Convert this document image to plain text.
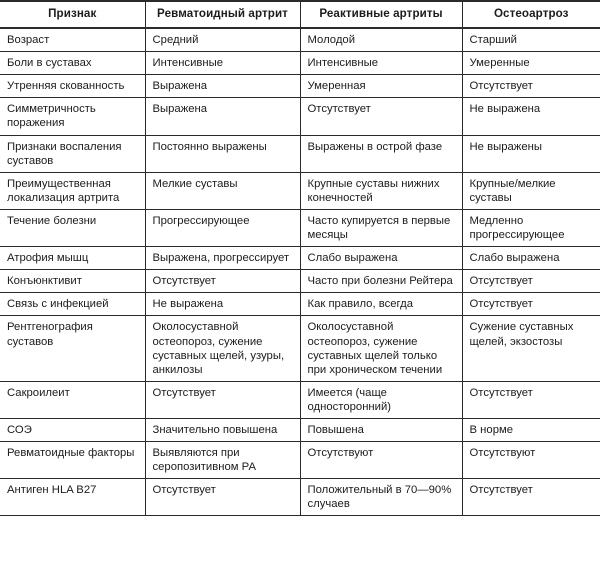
Признак	Ревматоидный артрит	Реактивные артриты	Остеоартроз
Возраст	Средний	Молодой	Старший
Боли в суставах	Интенсивные	Интенсивные	Умеренные
Утренняя скованность	Выражена	Умеренная	Отсутствует
Симметричность поражения	Выражена	Отсутствует	Не выражена
Признаки воспаления суставов	Постоянно выражены	Выражены в острой фазе	Не выражены
Преимущественная локализация артрита	Мелкие суставы	Крупные суставы нижних конечностей	Крупные/мелкие суставы
Течение болезни	Прогрессирующее	Часто купируется в первые месяцы	Медленно прогрессирующее
Атрофия мышц	Выражена, прогрессирует	Слабо выражена	Слабо выражена
Конъюнктивит	Отсутствует	Часто при болезни Рейтера	Отсутствует
Связь с инфекцией	Не выражена	Как правило, всегда	Отсутствует
Рентгенография суставов	Околосуставной остеопороз, сужение суставных щелей, узуры, анкилозы	Околосуставной остеопороз, сужение суставных щелей только при хроническом течении	Сужение суставных щелей, экзостозы
Сакроилеит	Отсутствует	Имеется (чаще односторонний)	Отсутствует
СОЭ	Значительно повышена	Повышена	В норме
Ревматоидные факторы	Выявляются при серопозитивном РА	Отсутствуют	Отсутствуют
Антиген HLA B27	Отсутствует	Положительный в 70—90% случаев	Отсутствует
